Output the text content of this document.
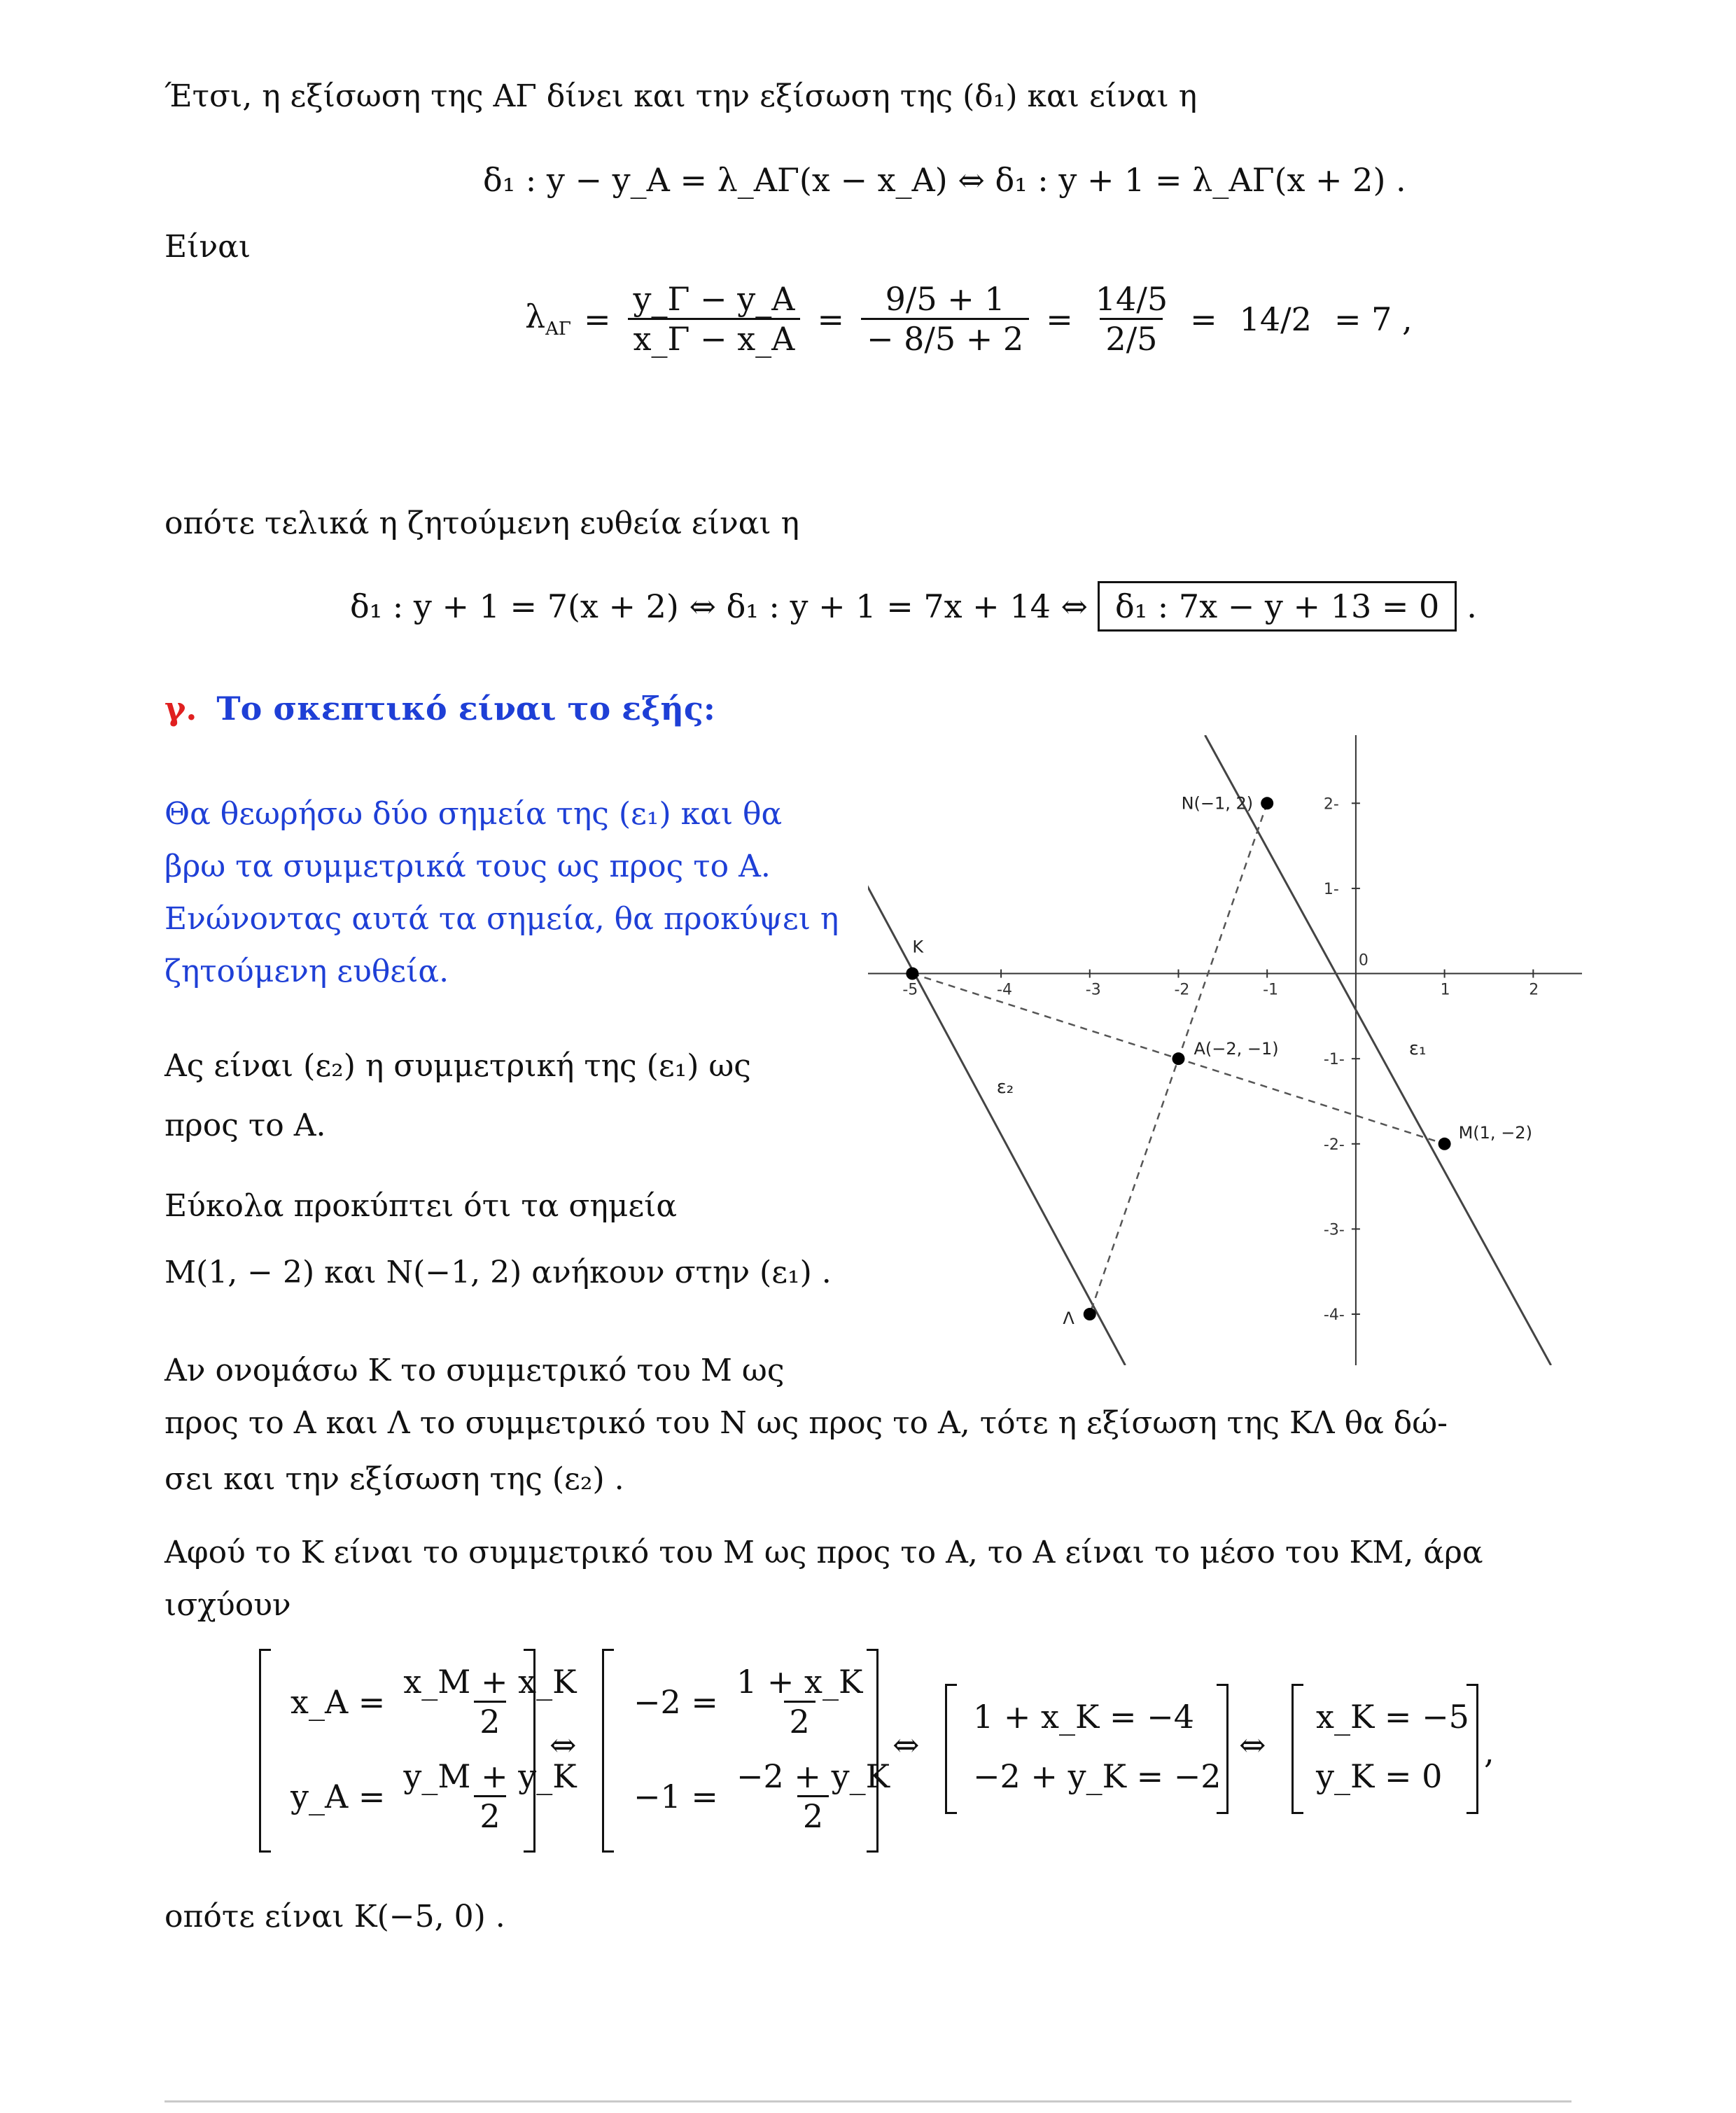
Έτσι, η εξίσωση της ΑΓ δίνει και την εξίσωση της (δ₁) και είναι η
δ₁ : y − y_A = λ_ΑΓ(x − x_A) ⇔ δ₁ : y + 1 = λ_ΑΓ(x + 2) .
Είναι
$\lambda_{A\Gamma} = \frac{y\_\Gamma - y\_A}{x\_\Gamma - x\_A} = \frac{9/5 + 1}{- 8/5 + 2} = \frac{14/5}{2/5} = 14/2 = 7$ ,
οπότε τελικά η ζητούμενη ευθεία είναι η
δ₁ : y + 1 = 7(x + 2) ⇔ δ₁ : y + 1 = 7x + 14 ⇔ δ₁ : 7x − y + 13 = 0 .
γ. Το σκεπτικό είναι το εξής:
Θα θεωρήσω δύο σημεία της (ε₁) και θα
βρω τα συμμετρικά τους ως προς το Α.
Ενώνοντας αυτά τα σημεία, θα προκύψει η
ζητούμενη ευθεία.
Ας είναι (ε₂) η συμμετρική της (ε₁) ως
προς το Α.
Εύκολα προκύπτει ότι τα σημεία
M(1, − 2) και N(−1, 2) ανήκουν στην (ε₁) .
-4	-3	-2	-1
0
1	2
-5
-4-
-3-
-2-
-1-
1-
2-
ε₁
ε₂
K
N(−1, 2)
A(−2, −1)
M(1, −2)
Λ
Αν ονομάσω Κ το συμμετρικό του Μ ως
προς το Α και Λ το συμμετρικό του Ν ως προς το Α, τότε η εξίσωση της ΚΛ θα δώ-
σει και την εξίσωση της (ε₂) .
Αφού το Κ είναι το συμμετρικό του Μ ως προς το Α, το Α είναι το μέσο του ΚΜ, άρα
ισχύουν
x_A = $\frac{x\_M + x\_K}{2}$
y_A = $\frac{y\_M + y\_K}{2}$
⇔
$-2 = \frac{1 + x\_K}{2}$
$-1 = \frac{-2 + y\_K}{2}$
⇔
1 + x_K = −4
−2 + y_K = −2
⇔
x_K = −5
y_K = 0
,
οπότε είναι K(−5, 0) .
